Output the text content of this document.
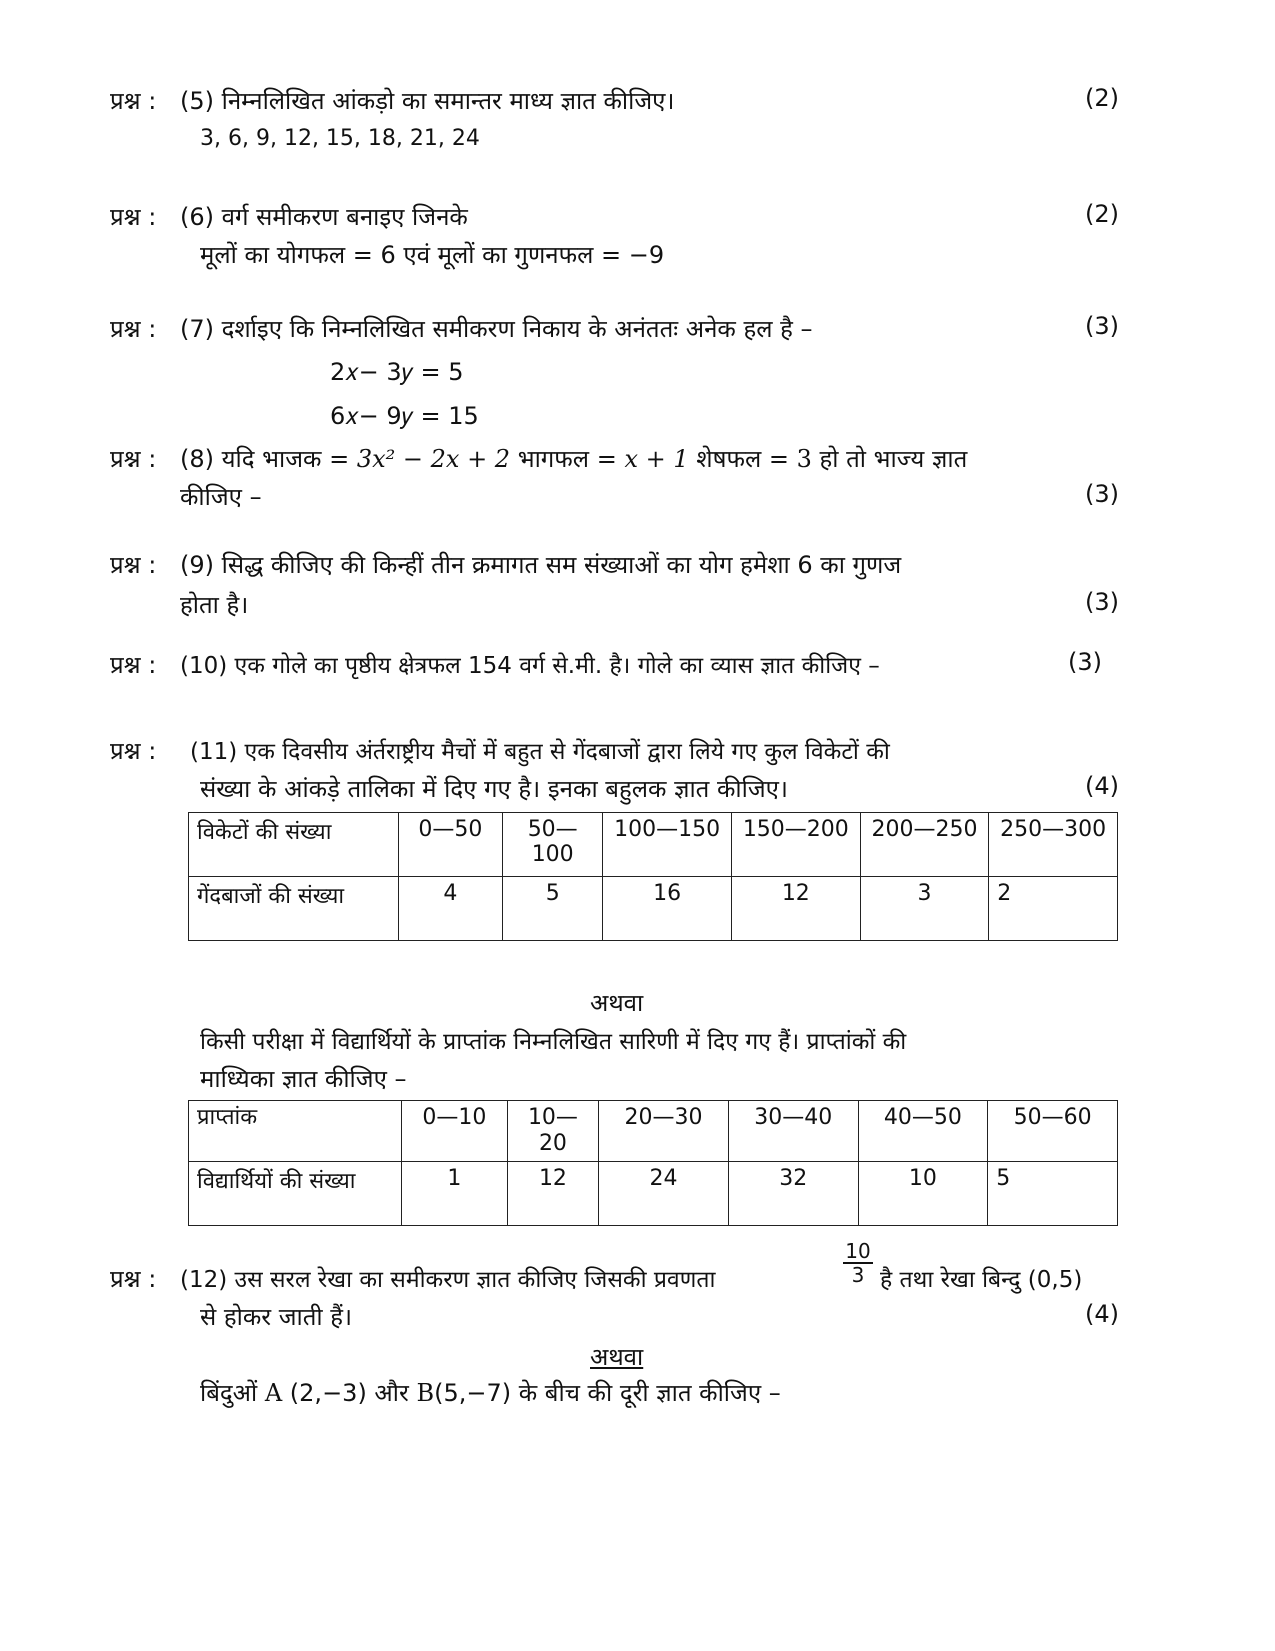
प्रश्न : (5) निम्नलिखित आंकड़ो का समान्तर माध्य ज्ञात कीजिए।	(2)
3, 6, 9, 12, 15, 18, 21, 24
प्रश्न : (6) वर्ग समीकरण बनाइए जिनके	(2)
मूलों का योगफल = 6 एवं मूलों का गुणनफल = −9
प्रश्न : (7) दर्शाइए कि निम्नलिखित समीकरण निकाय के अनंततः अनेक हल है –	(3)
2𝑥− 3𝑦 = 5
6𝑥− 9𝑦 = 15
प्रश्न : (8) यदि भाजक = 3x² − 2x + 2 भागफल = x + 1 शेषफल = 3 हो तो भाज्य ज्ञात
कीजिए –	(3)
प्रश्न : (9) सिद्ध कीजिए की किन्हीं तीन क्रमागत सम संख्याओं का योग हमेशा 6 का गुणज
होता है।	(3)
प्रश्न : (10) एक गोले का पृष्ठीय क्षेत्रफल 154 वर्ग से.मी. है। गोले का व्यास ज्ञात कीजिए –	(3)
प्रश्न : (11) एक दिवसीय अंर्तराष्ट्रीय मैचों में बहुत से गेंदबाजों द्वारा लिये गए कुल विकेटों की
संख्या के आंकड़े तालिका में दिए गए है। इनका बहुलक ज्ञात कीजिए।	(4)
विकेटों की संख्या	0—50	50—100	100—150	150—200	200—250	250—300
गेंदबाजों की संख्या	4	5	16	12	3	2
अथवा
किसी परीक्षा में विद्यार्थियों के प्राप्तांक निम्नलिखित सारिणी में दिए गए हैं। प्राप्तांकों की
माध्यिका ज्ञात कीजिए –
प्राप्तांक	0—10	10—20	20—30	30—40	40—50	50—60
विद्यार्थियों की संख्या	1	12	24	32	10	5
प्रश्न : (12) उस सरल रेखा का समीकरण ज्ञात कीजिए जिसकी प्रवणता	$\frac{10}{3}$ है तथा रेखा बिन्दु (0,5)
से होकर जाती हैं।	(4)
अथवा
बिंदुओं A (2,−3) और B(5,−7) के बीच की दूरी ज्ञात कीजिए –
